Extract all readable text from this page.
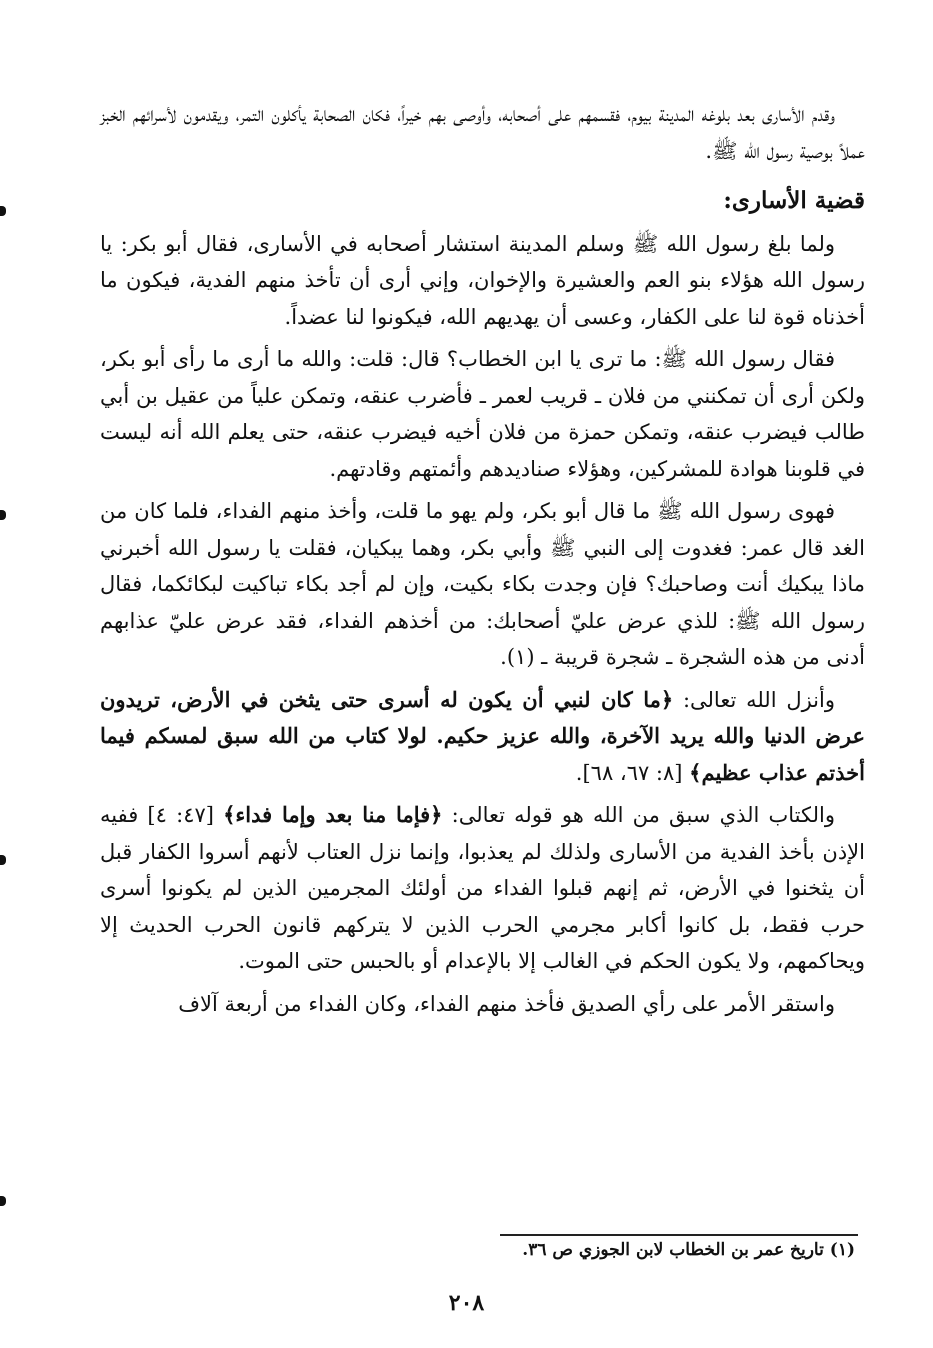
وقدم الأسارى بعد بلوغه المدينة بيوم، فقسمهم على أصحابه، وأوصى بهم خيراً، فكان الصحابة يأكلون التمر، ويقدمون لأسرائهم الخبز عملاً بوصية رسول الله ﷺ.

قضية الأسارى:

ولما بلغ رسول الله ﷺ وسلم المدينة استشار أصحابه في الأسارى، فقال أبو بكر: يا رسول الله هؤلاء بنو العم والعشيرة والإخوان، وإني أرى أن تأخذ منهم الفدية، فيكون ما أخذناه قوة لنا على الكفار، وعسى أن يهديهم الله، فيكونوا لنا عضداً.

فقال رسول الله ﷺ: ما ترى يا ابن الخطاب؟ قال: قلت: والله ما أرى ما رأى أبو بكر، ولكن أرى أن تمكنني من فلان ـ قريب لعمر ـ فأضرب عنقه، وتمكن علياً من عقيل بن أبي طالب فيضرب عنقه، وتمكن حمزة من فلان أخيه فيضرب عنقه، حتى يعلم الله أنه ليست في قلوبنا هوادة للمشركين، وهؤلاء صناديدهم وأئمتهم وقادتهم.

فهوى رسول الله ﷺ ما قال أبو بكر، ولم يهو ما قلت، وأخذ منهم الفداء، فلما كان من الغد قال عمر: فغدوت إلى النبي ﷺ وأبي بكر، وهما يبكيان، فقلت يا رسول الله أخبرني ماذا يبكيك أنت وصاحبك؟ فإن وجدت بكاء بكيت، وإن لم أجد بكاء تباكيت لبكائكما، فقال رسول الله ﷺ: للذي عرض عليّ أصحابك: من أخذهم الفداء، فقد عرض عليّ عذابهم أدنى من هذه الشجرة ـ شجرة قريبة ـ (١).

وأنزل الله تعالى: ﴿ما كان لنبي أن يكون له أسرى حتى يثخن في الأرض، تريدون عرض الدنيا والله يريد الآخرة، والله عزيز حكيم. لولا كتاب من الله سبق لمسكم فيما أخذتم عذاب عظيم﴾ [٨: ٦٧، ٦٨].

والكتاب الذي سبق من الله هو قوله تعالى: ﴿فإما منا بعد وإما فداء﴾ [٤٧: ٤] ففيه الإذن بأخذ الفدية من الأسارى ولذلك لم يعذبوا، وإنما نزل العتاب لأنهم أسروا الكفار قبل أن يثخنوا في الأرض، ثم إنهم قبلوا الفداء من أولئك المجرمين الذين لم يكونوا أسرى حرب فقط، بل كانوا أكابر مجرمي الحرب الذين لا يتركهم قانون الحرب الحديث إلا ويحاكمهم، ولا يكون الحكم في الغالب إلا بالإعدام أو بالحبس حتى الموت.

واستقر الأمر على رأي الصديق فأخذ منهم الفداء، وكان الفداء من أربعة آلاف

(١) تاريخ عمر بن الخطاب لابن الجوزي ص ٣٦.
٢٠٨
